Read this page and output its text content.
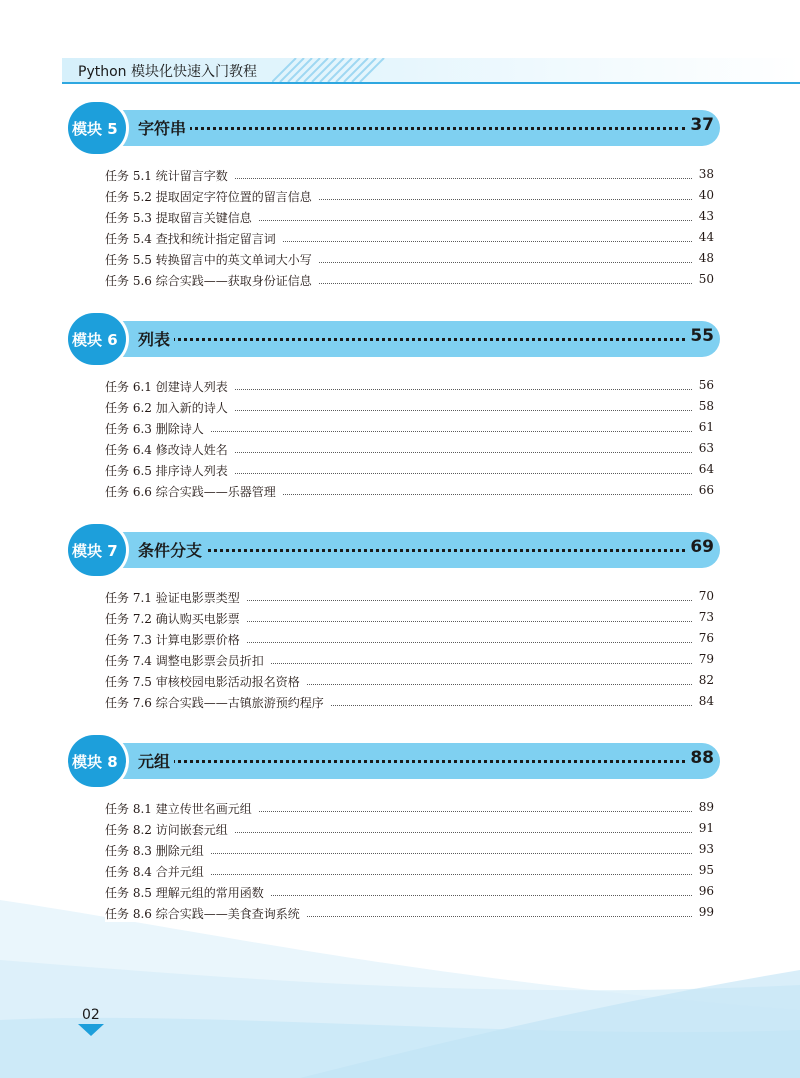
Python 模块化快速入门教程
模块 5 字符串	37
任务 5.1 统计留言字数	38
任务 5.2 提取固定字符位置的留言信息	40
任务 5.3 提取留言关键信息	43
任务 5.4 查找和统计指定留言词	44
任务 5.5 转换留言中的英文单词大小写	48
任务 5.6 综合实践——获取身份证信息	50
模块 6 列表	55
任务 6.1 创建诗人列表	56
任务 6.2 加入新的诗人	58
任务 6.3 删除诗人	61
任务 6.4 修改诗人姓名	63
任务 6.5 排序诗人列表	64
任务 6.6 综合实践——乐器管理	66
模块 7 条件分支	69
任务 7.1 验证电影票类型	70
任务 7.2 确认购买电影票	73
任务 7.3 计算电影票价格	76
任务 7.4 调整电影票会员折扣	79
任务 7.5 审核校园电影活动报名资格	82
任务 7.6 综合实践——古镇旅游预约程序	84
模块 8 元组	88
任务 8.1 建立传世名画元组	89
任务 8.2 访问嵌套元组	91
任务 8.3 删除元组	93
任务 8.4 合并元组	95
任务 8.5 理解元组的常用函数	96
任务 8.6 综合实践——美食查询系统	99
02
